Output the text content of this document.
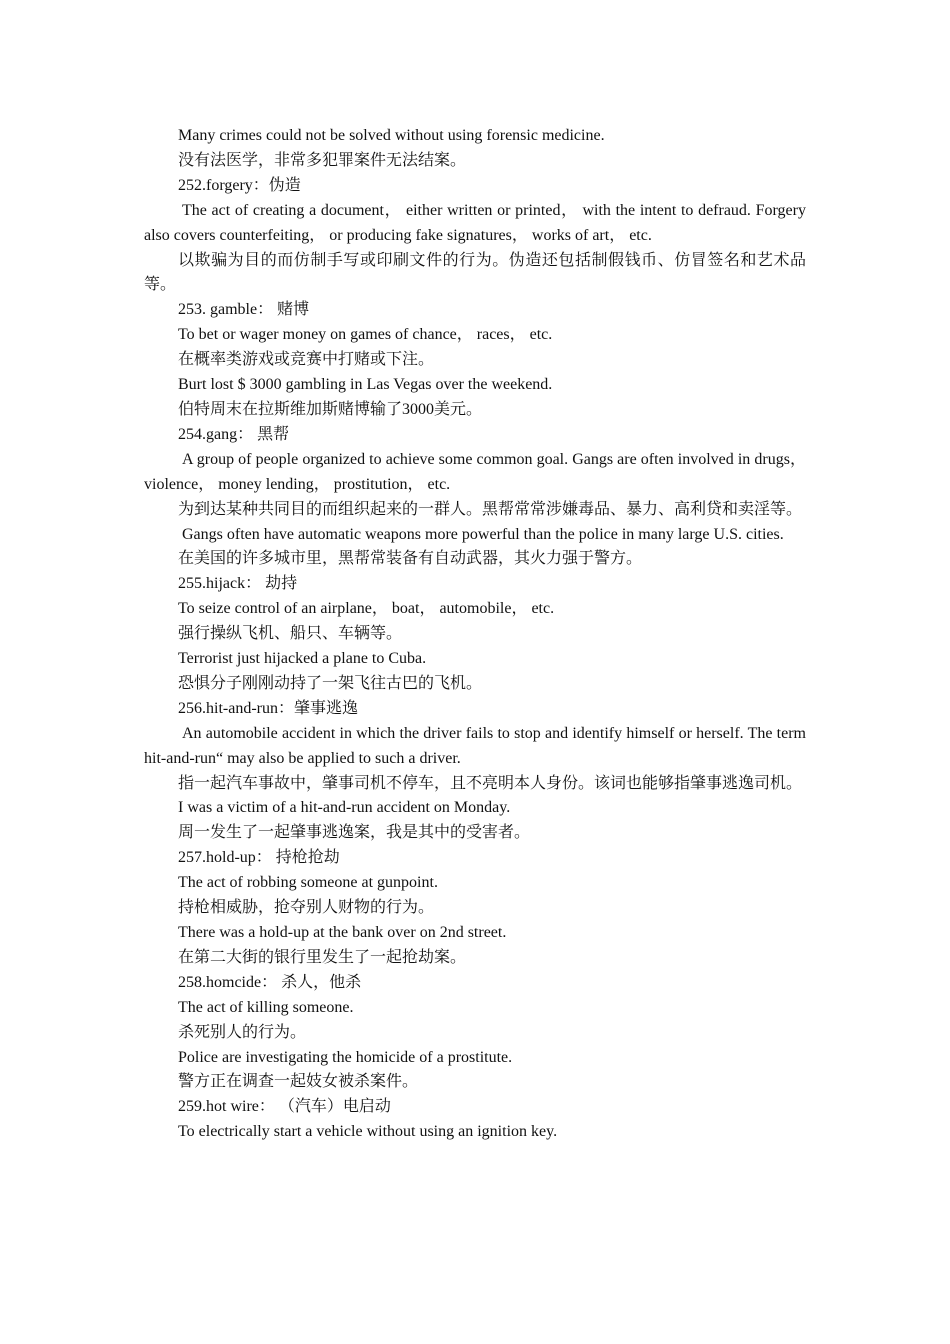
Many crimes could not be solved without using forensic medicine.

没有法医学，非常多犯罪案件无法结案。

252.forgery：伪造

The act of creating a document， either written or printed， with the intent to defraud. Forgery also covers counterfeiting， or producing fake signatures， works of art， etc.

以欺骗为目的而仿制手写或印刷文件的行为。伪造还包括制假钱币、仿冒签名和艺术品等。

253. gamble： 赌博

To bet or wager money on games of chance， races， etc.

在概率类游戏或竞赛中打赌或下注。

Burt lost $ 3000 gambling in Las Vegas over the weekend.

伯特周末在拉斯维加斯赌博输了3000美元。

254.gang： 黑帮

A group of people organized to achieve some common goal. Gangs are often involved in drugs， violence， money lending， prostitution， etc.

为到达某种共同目的而组织起来的一群人。黑帮常常涉嫌毒品、暴力、高利贷和卖淫等。

Gangs often have automatic weapons more powerful than the police in many large U.S. cities.

在美国的许多城市里，黑帮常装备有自动武器，其火力强于警方。

255.hijack： 劫持

To seize control of an airplane， boat， automobile， etc.

强行操纵飞机、船只、车辆等。

Terrorist just hijacked a plane to Cuba.

恐惧分子刚刚动持了一架飞往古巴的飞机。

256.hit-and-run：肇事逃逸

An automobile accident in which the driver fails to stop and identify himself or herself. The term hit-and-run“ may also be applied to such a driver.

指一起汽车事故中，肇事司机不停车，且不亮明本人身份。该词也能够指肇事逃逸司机。

I was a victim of a hit-and-run accident on Monday.

周一发生了一起肇事逃逸案，我是其中的受害者。

257.hold-up： 持枪抢劫

The act of robbing someone at gunpoint.

持枪相威胁，抢夺别人财物的行为。

There was a hold-up at the bank over on 2nd street.

在第二大街的银行里发生了一起抢劫案。

258.homcide： 杀人，他杀

The act of killing someone.

杀死别人的行为。

Police are investigating the homicide of a prostitute.

警方正在调查一起妓女被杀案件。

259.hot wire： （汽车）电启动

To electrically start a vehicle without using an ignition key.
